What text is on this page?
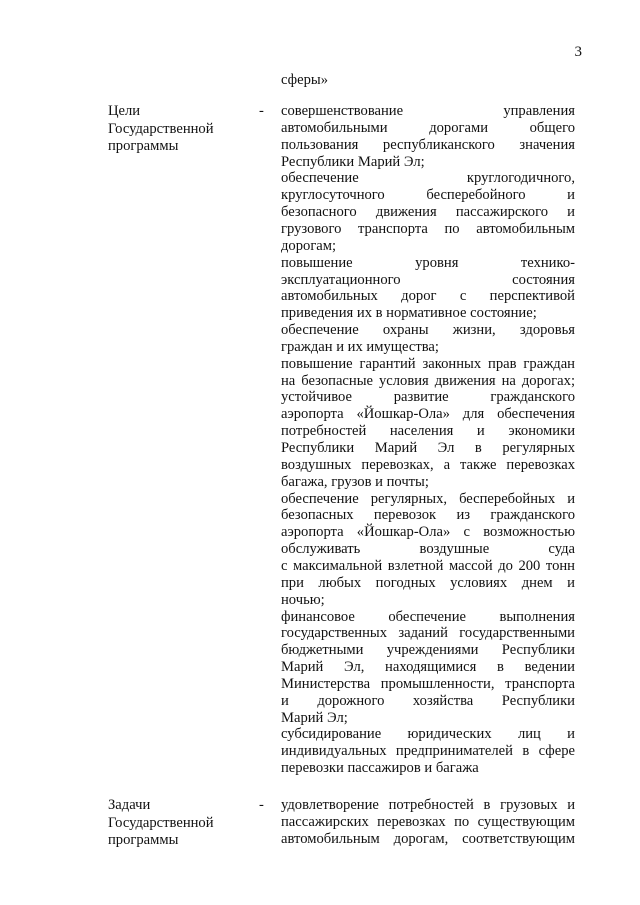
3
сферы»
Цели
Государственной
программы
- совершенствование управления
автомобильными дорогами общего
пользования республиканского значения
Республики Марий Эл;
обеспечение круглогодичного,
круглосуточного бесперебойного и
безопасного движения пассажирского и
грузового транспорта по автомобильным
дорогам;
повышение уровня технико-
эксплуатационного состояния
автомобильных дорог с перспективой
приведения их в нормативное состояние;
обеспечение охраны жизни, здоровья
граждан и их имущества;
повышение гарантий законных прав граждан
на безопасные условия движения на дорогах;
устойчивое развитие гражданского
аэропорта «Йошкар-Ола» для обеспечения
потребностей населения и экономики
Республики Марий Эл в регулярных
воздушных перевозках, а также перевозках
багажа, грузов и почты;
обеспечение регулярных, бесперебойных и
безопасных перевозок из гражданского
аэропорта «Йошкар-Ола» с возможностью
обслуживать воздушные суда
с максимальной взлетной массой до 200 тонн
при любых погодных условиях днем и
ночью;
финансовое обеспечение выполнения
государственных заданий государственными
бюджетными учреждениями Республики
Марий Эл, находящимися в ведении
Министерства промышленности, транспорта
и дорожного хозяйства Республики
Марий Эл;
субсидирование юридических лиц и
индивидуальных предпринимателей в сфере
перевозки пассажиров и багажа
Задачи
Государственной
программы
- удовлетворение потребностей в грузовых и
пассажирских перевозках по существующим
автомобильным дорогам, соответствующим
